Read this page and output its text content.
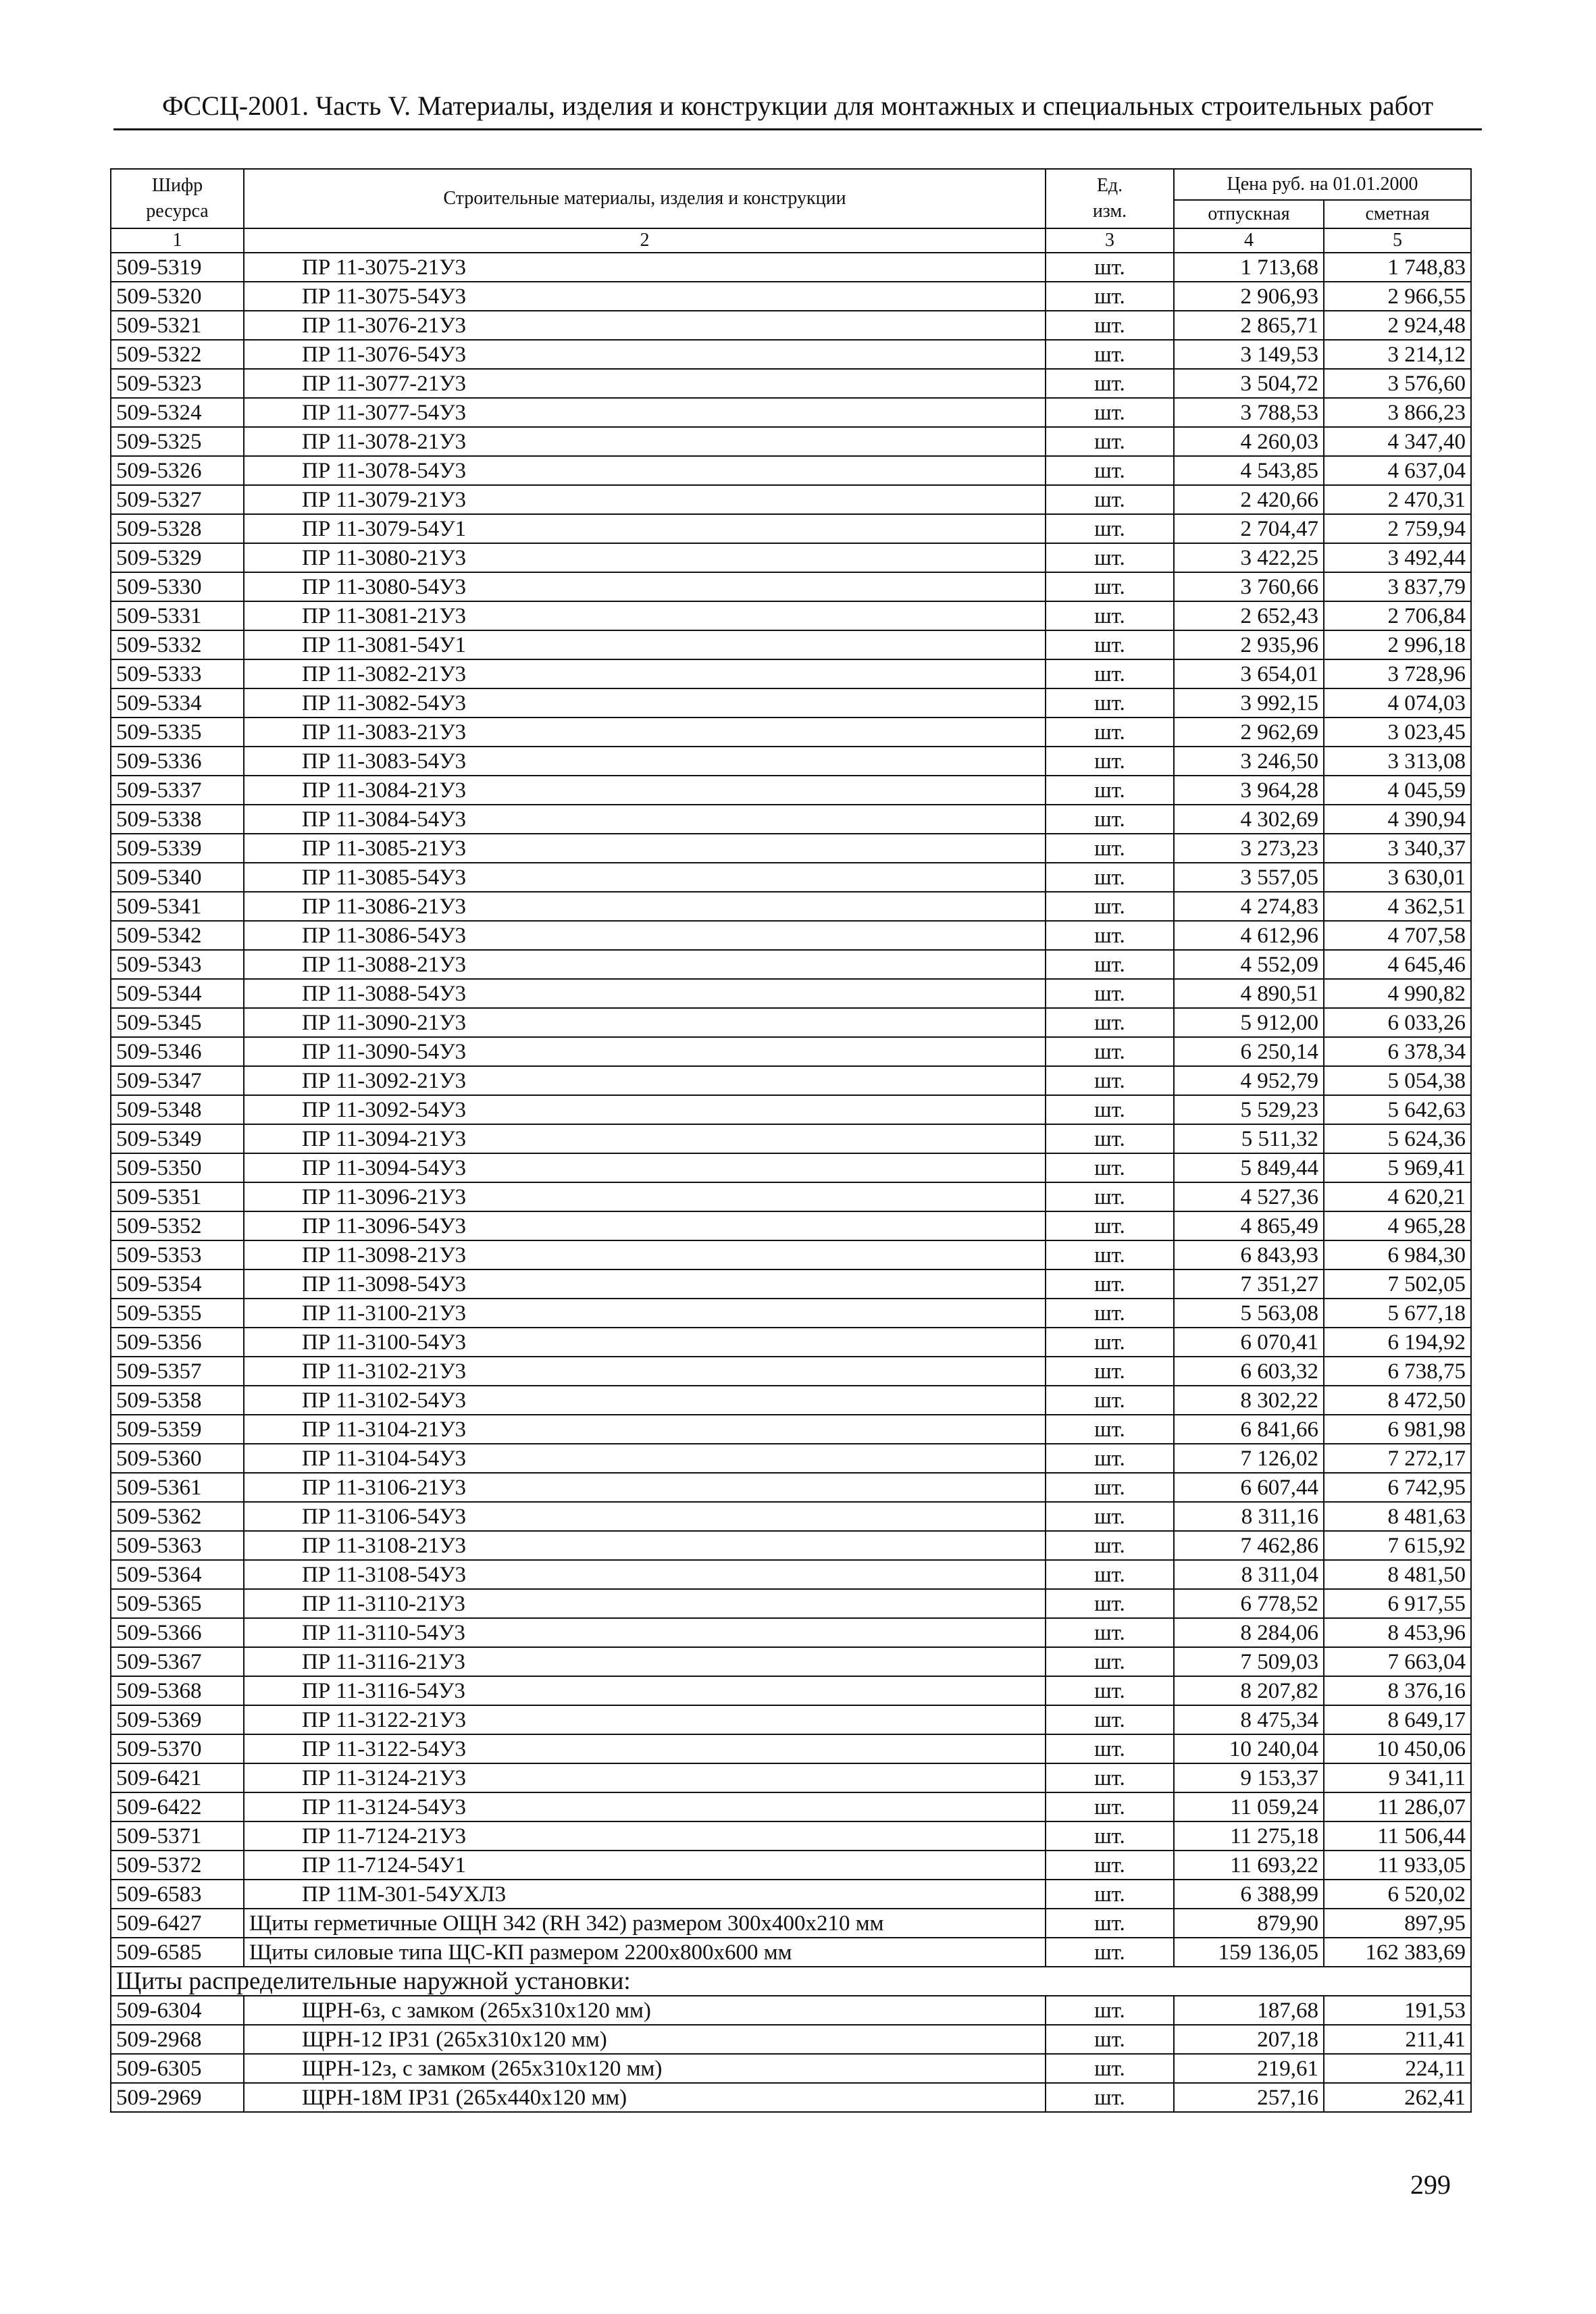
ФССЦ-2001. Часть V. Материалы, изделия и конструкции для монтажных и специальных строительных работ
Шифр ресурса	Строительные материалы, изделия и конструкции	Ед. изм.	Цена руб. на 01.01.2000	
			отпускная	сметная
1	2	3	4	5
509-5319	ПР 11-3075-21У3	шт.	1 713,68	1 748,83
509-5320	ПР 11-3075-54У3	шт.	2 906,93	2 966,55
509-5321	ПР 11-3076-21У3	шт.	2 865,71	2 924,48
509-5322	ПР 11-3076-54У3	шт.	3 149,53	3 214,12
509-5323	ПР 11-3077-21У3	шт.	3 504,72	3 576,60
509-5324	ПР 11-3077-54У3	шт.	3 788,53	3 866,23
509-5325	ПР 11-3078-21У3	шт.	4 260,03	4 347,40
509-5326	ПР 11-3078-54У3	шт.	4 543,85	4 637,04
509-5327	ПР 11-3079-21У3	шт.	2 420,66	2 470,31
509-5328	ПР 11-3079-54У1	шт.	2 704,47	2 759,94
509-5329	ПР 11-3080-21У3	шт.	3 422,25	3 492,44
509-5330	ПР 11-3080-54У3	шт.	3 760,66	3 837,79
509-5331	ПР 11-3081-21У3	шт.	2 652,43	2 706,84
509-5332	ПР 11-3081-54У1	шт.	2 935,96	2 996,18
509-5333	ПР 11-3082-21У3	шт.	3 654,01	3 728,96
509-5334	ПР 11-3082-54У3	шт.	3 992,15	4 074,03
509-5335	ПР 11-3083-21У3	шт.	2 962,69	3 023,45
509-5336	ПР 11-3083-54У3	шт.	3 246,50	3 313,08
509-5337	ПР 11-3084-21У3	шт.	3 964,28	4 045,59
509-5338	ПР 11-3084-54У3	шт.	4 302,69	4 390,94
509-5339	ПР 11-3085-21У3	шт.	3 273,23	3 340,37
509-5340	ПР 11-3085-54У3	шт.	3 557,05	3 630,01
509-5341	ПР 11-3086-21У3	шт.	4 274,83	4 362,51
509-5342	ПР 11-3086-54У3	шт.	4 612,96	4 707,58
509-5343	ПР 11-3088-21У3	шт.	4 552,09	4 645,46
509-5344	ПР 11-3088-54У3	шт.	4 890,51	4 990,82
509-5345	ПР 11-3090-21У3	шт.	5 912,00	6 033,26
509-5346	ПР 11-3090-54У3	шт.	6 250,14	6 378,34
509-5347	ПР 11-3092-21У3	шт.	4 952,79	5 054,38
509-5348	ПР 11-3092-54У3	шт.	5 529,23	5 642,63
509-5349	ПР 11-3094-21У3	шт.	5 511,32	5 624,36
509-5350	ПР 11-3094-54У3	шт.	5 849,44	5 969,41
509-5351	ПР 11-3096-21У3	шт.	4 527,36	4 620,21
509-5352	ПР 11-3096-54У3	шт.	4 865,49	4 965,28
509-5353	ПР 11-3098-21У3	шт.	6 843,93	6 984,30
509-5354	ПР 11-3098-54У3	шт.	7 351,27	7 502,05
509-5355	ПР 11-3100-21У3	шт.	5 563,08	5 677,18
509-5356	ПР 11-3100-54У3	шт.	6 070,41	6 194,92
509-5357	ПР 11-3102-21У3	шт.	6 603,32	6 738,75
509-5358	ПР 11-3102-54У3	шт.	8 302,22	8 472,50
509-5359	ПР 11-3104-21У3	шт.	6 841,66	6 981,98
509-5360	ПР 11-3104-54У3	шт.	7 126,02	7 272,17
509-5361	ПР 11-3106-21У3	шт.	6 607,44	6 742,95
509-5362	ПР 11-3106-54У3	шт.	8 311,16	8 481,63
509-5363	ПР 11-3108-21У3	шт.	7 462,86	7 615,92
509-5364	ПР 11-3108-54У3	шт.	8 311,04	8 481,50
509-5365	ПР 11-3110-21У3	шт.	6 778,52	6 917,55
509-5366	ПР 11-3110-54У3	шт.	8 284,06	8 453,96
509-5367	ПР 11-3116-21У3	шт.	7 509,03	7 663,04
509-5368	ПР 11-3116-54У3	шт.	8 207,82	8 376,16
509-5369	ПР 11-3122-21У3	шт.	8 475,34	8 649,17
509-5370	ПР 11-3122-54У3	шт.	10 240,04	10 450,06
509-6421	ПР 11-3124-21У3	шт.	9 153,37	9 341,11
509-6422	ПР 11-3124-54У3	шт.	11 059,24	11 286,07
509-5371	ПР 11-7124-21У3	шт.	11 275,18	11 506,44
509-5372	ПР 11-7124-54У1	шт.	11 693,22	11 933,05
509-6583	ПР 11М-301-54УХЛ3	шт.	6 388,99	6 520,02
509-6427	Щиты герметичные ОЩН 342 (RH 342) размером 300х400х210 мм	шт.	879,90	897,95
509-6585	Щиты силовые типа ЩС-КП размером 2200х800х600 мм	шт.	159 136,05	162 383,69
Щиты распределительные наружной установки:				
509-6304	ЩРН-6з, с замком (265х310х120 мм)	шт.	187,68	191,53
509-2968	ЩРН-12 IP31 (265х310х120 мм)	шт.	207,18	211,41
509-6305	ЩРН-12з, с замком (265х310х120 мм)	шт.	219,61	224,11
509-2969	ЩРН-18М IP31 (265х440х120 мм)	шт.	257,16	262,41
299
